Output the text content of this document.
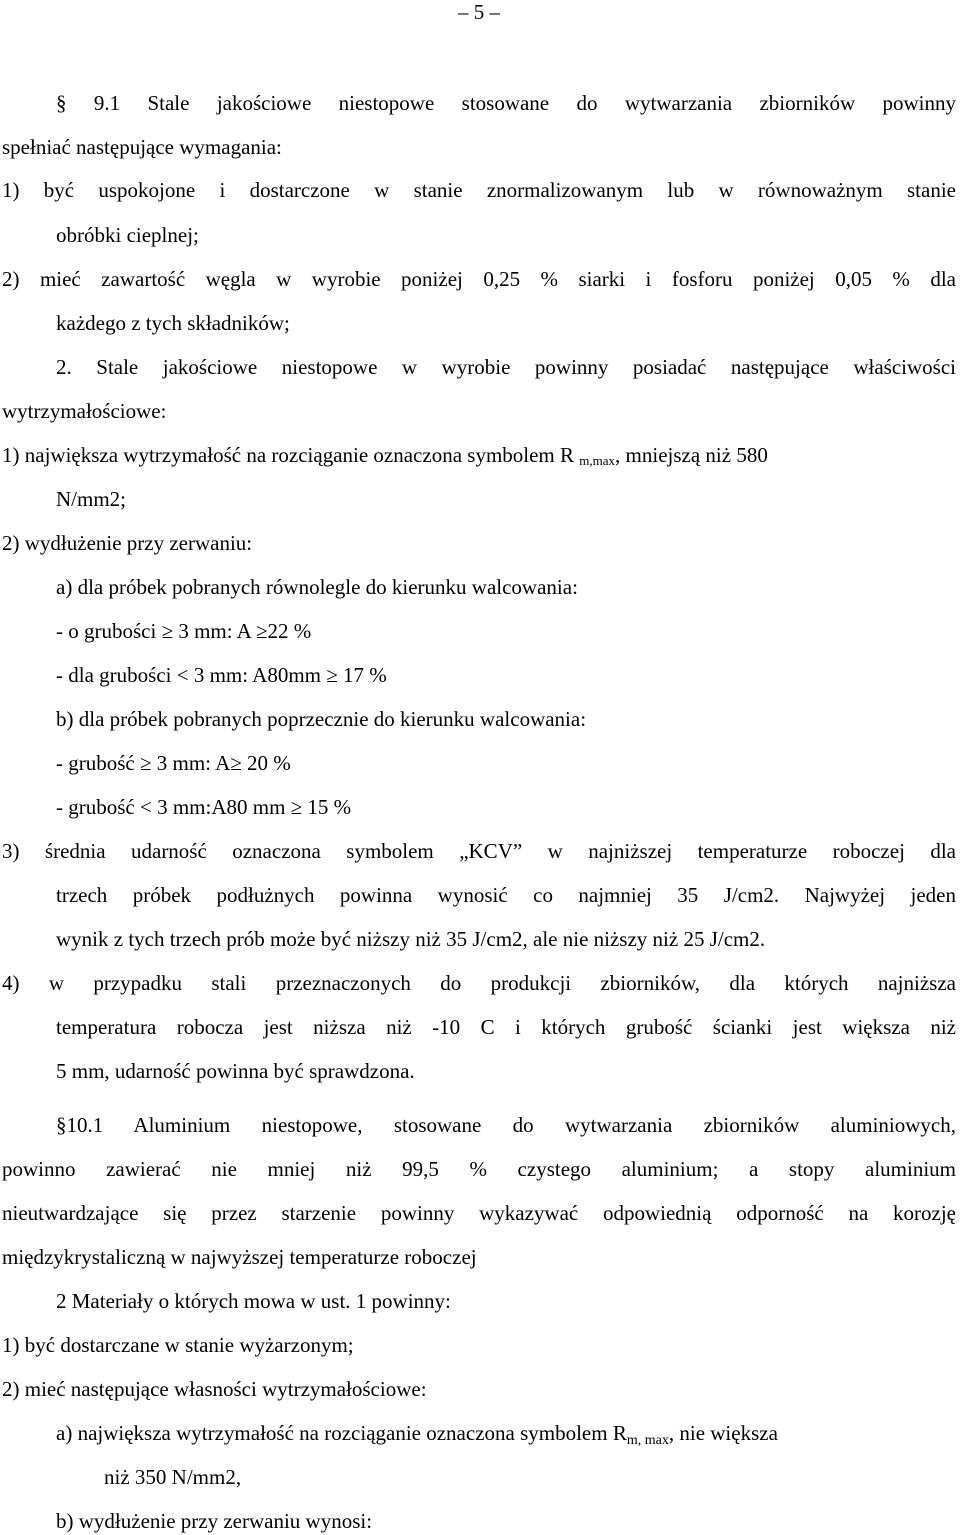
– 5 –

§ 9.1 Stale jakościowe niestopowe stosowane do wytwarzania zbiorników powinny

spełniać następujące wymagania:

1) być uspokojone i dostarczone w stanie znormalizowanym lub w równoważnym stanie

obróbki cieplnej;

2) mieć zawartość węgla w wyrobie poniżej 0,25 % siarki i fosforu poniżej 0,05 % dla

każdego z tych składników;

2. Stale jakościowe niestopowe w wyrobie powinny posiadać następujące właściwości

wytrzymałościowe:

1) największa wytrzymałość na rozciąganie oznaczona symbolem R $_{m,max}$, mniejszą niż 580

N/mm2;

2) wydłużenie przy zerwaniu:

a) dla próbek pobranych równolegle do kierunku walcowania:

- o grubości ≥ 3 mm: A ≥22 %

- dla grubości < 3 mm: A80mm ≥ 17 %

b) dla próbek pobranych poprzecznie do kierunku walcowania:

- grubość ≥ 3 mm: A≥ 20 %

- grubość < 3 mm:A80 mm ≥ 15 %

3) średnia udarność oznaczona symbolem „KCV” w najniższej temperaturze roboczej dla

trzech próbek podłużnych powinna wynosić co najmniej 35 J/cm2. Najwyżej jeden

wynik z tych trzech prób może być niższy niż 35 J/cm2, ale nie niższy niż 25 J/cm2.

4) w przypadku stali przeznaczonych do produkcji zbiorników, dla których najniższa

temperatura robocza jest niższa niż -10 C i których grubość ścianki jest większa niż

5 mm, udarność powinna być sprawdzona.

§10.1 Aluminium niestopowe, stosowane do wytwarzania zbiorników aluminiowych,

powinno zawierać nie mniej niż 99,5 % czystego aluminium; a stopy aluminium

nieutwardzające się przez starzenie powinny wykazywać odpowiednią odporność na korozję

międzykrystaliczną w najwyższej temperaturze roboczej

2 Materiały o których mowa w ust. 1 powinny:

1) być dostarczane w stanie wyżarzonym;

2) mieć następujące własności wytrzymałościowe:

a) największa wytrzymałość na rozciąganie oznaczona symbolem Rm, max, nie większa

niż 350 N/mm2,

b) wydłużenie przy zerwaniu wynosi:
